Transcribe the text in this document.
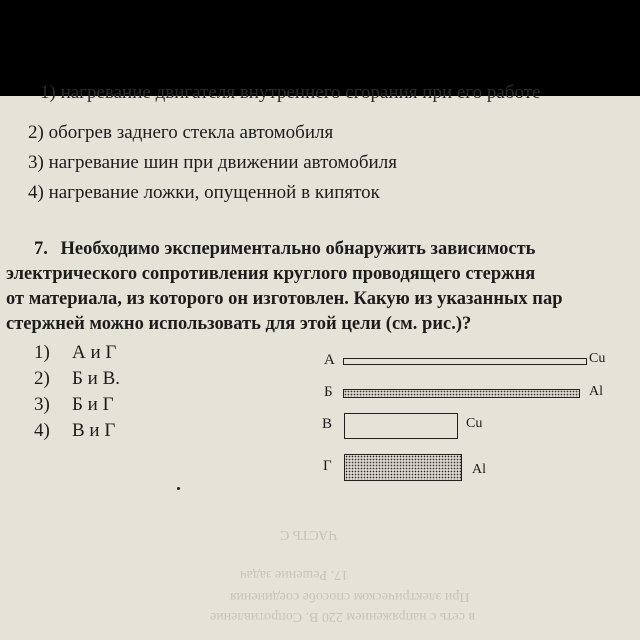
ЧАСТЬ С
17. Решение задач
При электрическом способе соединения
в сеть с напряжением 220 В. Сопротивление
1) нагревание двигателя внутреннего сгорания при его работе
2) обогрев заднего стекла автомобиля
3) нагревание шин при движении автомобиля
4) нагревание ложки, опущенной в кипяток
7. Необходимо экспериментально обнаружить зависимость
электрического сопротивления круглого проводящего стержня
от материала, из которого он изготовлен. Какую из указанных пар
стержней можно использовать для этой цели (см. рис.)?
1) А и Г
2) Б и В.
3) Б и Г
4) В и Г
А	Cu
Б	Al
В	Cu
Г	Al
